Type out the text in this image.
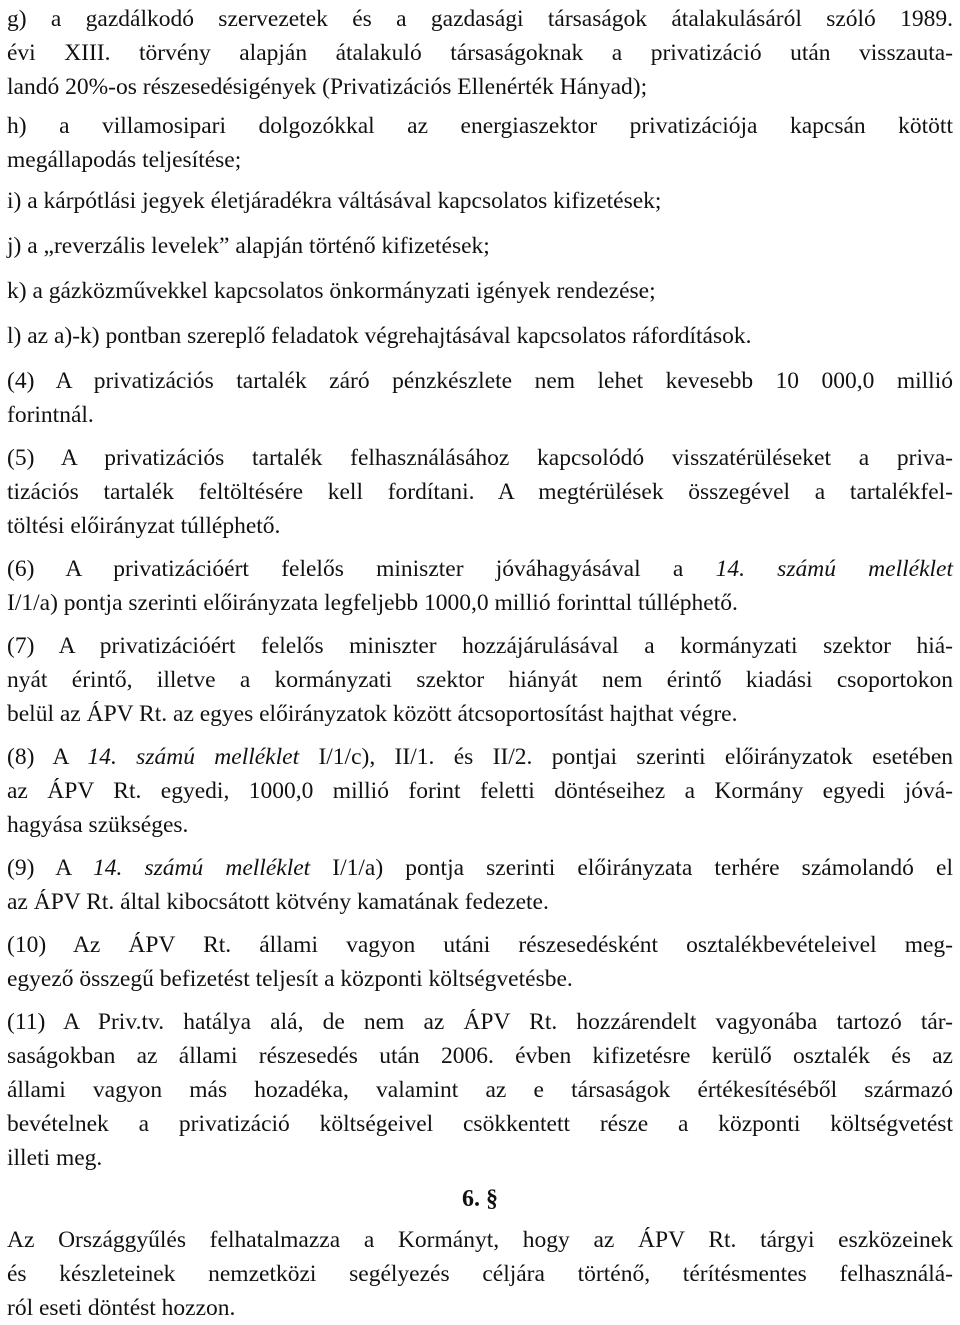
g) a gazdálkodó szervezetek és a gazdasági társaságok átalakulásáról szóló 1989.
évi XIII. törvény alapján átalakuló társaságoknak a privatizáció után visszauta-
landó 20%-os részesedésigények (Privatizációs Ellenérték Hányad);
h) a villamosipari dolgozókkal az energiaszektor privatizációja kapcsán kötött
megállapodás teljesítése;
i) a kárpótlási jegyek életjáradékra váltásával kapcsolatos kifizetések;
j) a „reverzális levelek” alapján történő kifizetések;
k) a gázközművekkel kapcsolatos önkormányzati igények rendezése;
l) az a)-k) pontban szereplő feladatok végrehajtásával kapcsolatos ráfordítások.
(4) A privatizációs tartalék záró pénzkészlete nem lehet kevesebb 10 000,0 millió
forintnál.
(5) A privatizációs tartalék felhasználásához kapcsolódó visszatérüléseket a priva-
tizációs tartalék feltöltésére kell fordítani. A megtérülések összegével a tartalékfel-
töltési előirányzat túlléphető.
(6) A privatizációért felelős miniszter jóváhagyásával a 14. számú melléklet
I/1/a) pontja szerinti előirányzata legfeljebb 1000,0 millió forinttal túlléphető.
(7) A privatizációért felelős miniszter hozzájárulásával a kormányzati szektor hiá-
nyát érintő, illetve a kormányzati szektor hiányát nem érintő kiadási csoportokon
belül az ÁPV Rt. az egyes előirányzatok között átcsoportosítást hajthat végre.
(8) A 14. számú melléklet I/1/c), II/1. és II/2. pontjai szerinti előirányzatok esetében
az ÁPV Rt. egyedi, 1000,0 millió forint feletti döntéseihez a Kormány egyedi jóvá-
hagyása szükséges.
(9) A 14. számú melléklet I/1/a) pontja szerinti előirányzata terhére számolandó el
az ÁPV Rt. által kibocsátott kötvény kamatának fedezete.
(10) Az ÁPV Rt. állami vagyon utáni részesedésként osztalékbevételeivel meg-
egyező összegű befizetést teljesít a központi költségvetésbe.
(11) A Priv.tv. hatálya alá, de nem az ÁPV Rt. hozzárendelt vagyonába tartozó tár-
saságokban az állami részesedés után 2006. évben kifizetésre kerülő osztalék és az
állami vagyon más hozadéka, valamint az e társaságok értékesítéséből származó
bevételnek a privatizáció költségeivel csökkentett része a központi költségvetést
illeti meg.
6. §
Az Országgyűlés felhatalmazza a Kormányt, hogy az ÁPV Rt. tárgyi eszközeinek
és készleteinek nemzetközi segélyezés céljára történő, térítésmentes felhasználá-
ról eseti döntést hozzon.
